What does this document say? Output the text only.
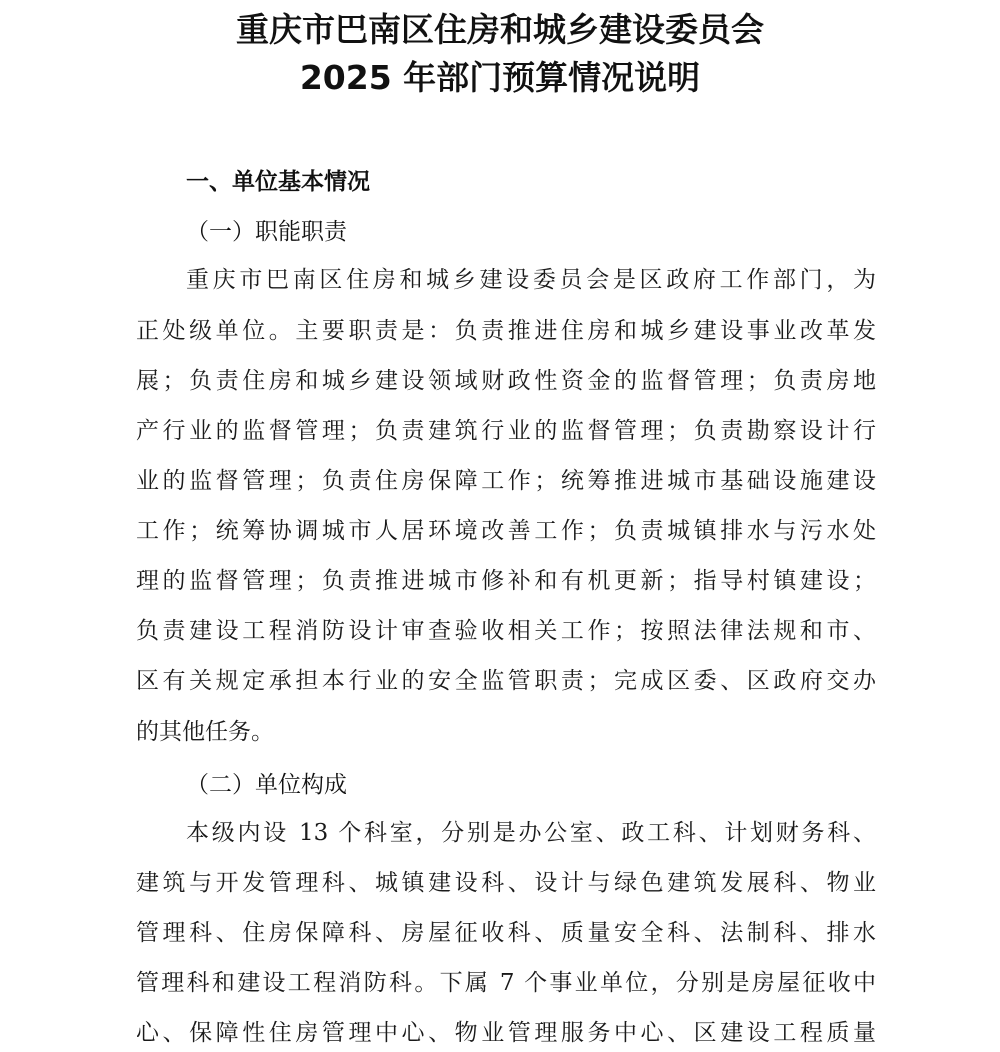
重庆市巴南区住房和城乡建设委员会
2025 年部门预算情况说明
一、单位基本情况
（一）职能职责
重庆市巴南区住房和城乡建设委员会是区政府工作部门，为
正处级单位。主要职责是：负责推进住房和城乡建设事业改革发
展；负责住房和城乡建设领域财政性资金的监督管理；负责房地
产行业的监督管理；负责建筑行业的监督管理；负责勘察设计行
业的监督管理；负责住房保障工作；统筹推进城市基础设施建设
工作；统筹协调城市人居环境改善工作；负责城镇排水与污水处
理的监督管理；负责推进城市修补和有机更新；指导村镇建设；
负责建设工程消防设计审查验收相关工作；按照法律法规和市、
区有关规定承担本行业的安全监管职责；完成区委、区政府交办
的其他任务。
（二）单位构成
本级内设 13 个科室，分别是办公室、政工科、计划财务科、
建筑与开发管理科、城镇建设科、设计与绿色建筑发展科、物业
管理科、住房保障科、房屋征收科、质量安全科、法制科、排水
管理科和建设工程消防科。下属 7 个事业单位，分别是房屋征收中
心、保障性住房管理中心、物业管理服务中心、区建设工程质量
